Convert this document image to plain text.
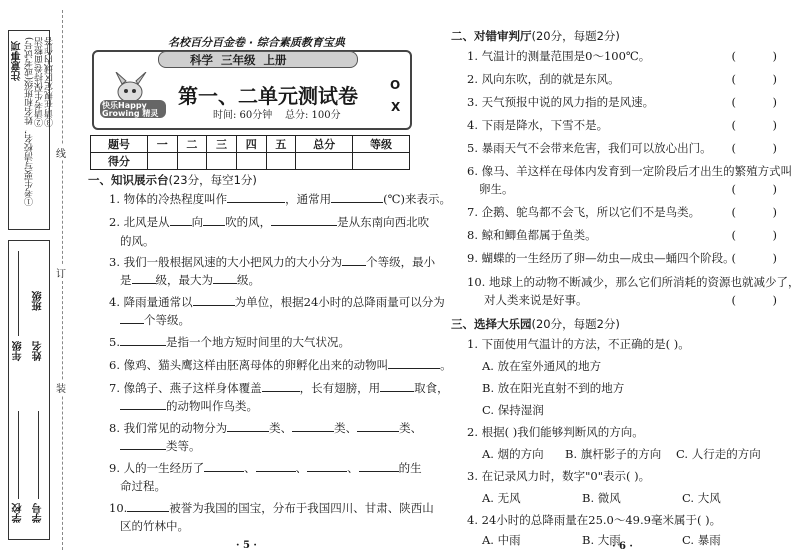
注意事项 ①考生要写清校名，姓名和班级(或考试号) ②请考生保持卷面整洁 ③请在规定区域内作答
学校 学号
年级 姓名
班级
装
订
线
名校百分百金卷 · 综合素质教育宝典
科学  三年级  上册
快乐Happy Growing 精灵
第一、二单元测试卷
时间: 60分钟    总分: 100分
O
X
题号	一	二	三	四	五	总分	等级
得分							
一、知识展示台(23分，每空1分)
1. 物体的冷热程度叫作	，通常用	(℃)来表示。
2. 北风是从 向 吹的风，	是从东南向西北吹
的风。
3. 我们一般根据风速的大小把风力的大小分为 个等级，最小
是 级，最大为 级。
4. 降雨量通常以	为单位，根据24小时的总降雨量可以分为
个等级。
5.	是指一个地方短时间里的大气状况。
6. 像鸡、猫头鹰这样由胚离母体的卵孵化出来的动物叫	。
7. 像鸽子、燕子这样身体覆盖	，长有翅膀，用	取食，
的动物叫作鸟类。
8. 我们常见的动物分为	类、	类、	类、
类等。
9. 人的一生经历了	、	、	、	的生
命过程。
10.	被誉为我国的国宝，分布于我国四川、甘肃、陕西山
区的竹林中。
· 5 ·
二、对错审判厅(20分，每题2分)
1. 气温计的测量范围是0～100℃。	(          )
2. 风向东吹，刮的就是东风。	(          )
3. 天气预报中说的风力指的是风速。	(          )
4. 下雨是降水，下雪不是。	(          )
5. 暴雨天气不会带来危害，我们可以放心出门。 (          )
6. 像马、羊这样在母体内发育到一定阶段后才出生的繁殖方式叫
卵生。	(          )
7. 企鹅、鸵鸟都不会飞，所以它们不是鸟类。	(          )
8. 鲸和鲫鱼都属于鱼类。	(          )
9. 蝴蝶的一生经历了卵—幼虫—成虫—蛹四个阶段。
(          )
10. 地球上的动物不断减少，那么它们所消耗的资源也就减少了，
对人类来说是好事。	(          )
三、选择大乐园(20分，每题2分)
1. 下面使用气温计的方法，不正确的是( )。
A. 放在室外通风的地方
B. 放在阳光直射不到的地方
C. 保持湿润
2. 根据( )我们能够判断风的方向。
A. 烟的方向 B. 旗杆影子的方向 C. 人行走的方向
3. 在记录风力时，数字"0"表示( )。
A. 无风	B. 微风	C. 大风
4. 24小时的总降雨量在25.0～49.9毫米属于( )。
A. 中雨	B. 大雨	C. 暴雨
· 6 ·
